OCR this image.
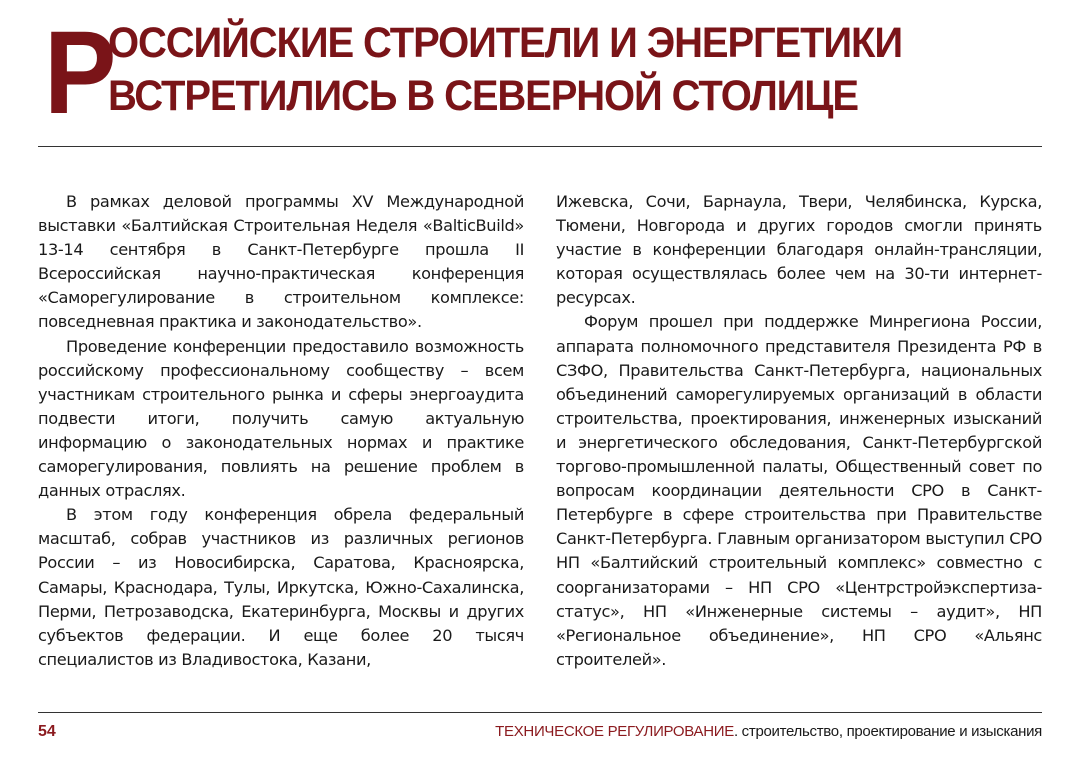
Р
ОССИЙСКИЕ СТРОИТЕЛИ И ЭНЕРГЕТИКИ
ВСТРЕТИЛИСЬ В СЕВЕРНОЙ СТОЛИЦЕ

В рамках деловой программы XV Международной выставки «Балтийская Строительная Неделя «BalticBuild» 13-14 сентября в Санкт-Петербурге прошла II Всероссийская научно-практическая конференция «Саморегулирование в строительном комплексе: повседневная практика и законодательство».

Проведение конференции предоставило возможность российскому профессиональному сообществу – всем участникам строительного рынка и сферы энергоаудита подвести итоги, получить самую актуальную информацию о законодательных нормах и практике саморегулирования, повлиять на решение проблем в данных отраслях.

В этом году конференция обрела федеральный масштаб, собрав участников из различных регионов России – из Новосибирска, Саратова, Красноярска, Самары, Краснодара, Тулы, Иркутска, Южно-Сахалинска, Перми, Петрозаводска, Екатеринбурга, Москвы и других субъектов федерации. И еще более 20 тысяч специалистов из Владивостока, Казани,

Ижевска, Сочи, Барнаула, Твери, Челябинска, Курска, Тюмени, Новгорода и других городов смогли принять участие в конференции благодаря онлайн-трансляции, которая осуществлялась более чем на 30-ти интернет-ресурсах.

Форум прошел при поддержке Минрегиона России, аппарата полномочного представителя Президента РФ в СЗФО, Правительства Санкт-Петербурга, национальных объединений саморегулируемых организаций в области строительства, проектирования, инженерных изысканий и энергетического обследования, Санкт-Петербургской торгово-промышленной палаты, Общественный совет по вопросам координации деятельности СРО в Санкт-Петербурге в сфере строительства при Правительстве Санкт-Петербурга. Главным организатором выступил СРО НП «Балтийский строительный комплекс» совместно с соорганизаторами – НП СРО «Центрстройэкспертиза-статус», НП «Инженерные системы – аудит», НП «Региональное объединение», НП СРО «Альянс строителей».

54	ТЕХНИЧЕСКОЕ РЕГУЛИРОВАНИЕ. строительство, проектирование и изыскания
